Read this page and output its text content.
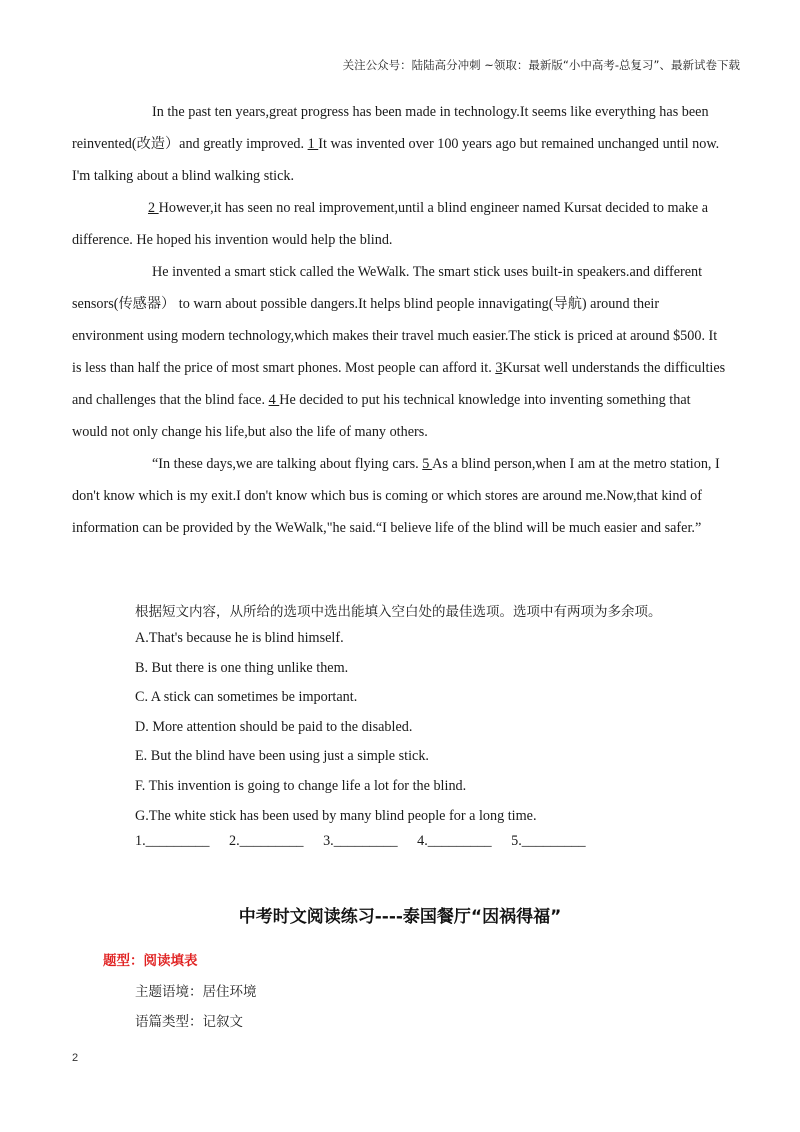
关注公众号：陆陆高分冲刺 ~领取：最新版“小中高考-总复习”、最新试卷下载

In the past ten years,great progress has been made in technology.It seems like everything has been reinvented(改造）and greatly improved. 1 It was invented over 100 years ago but remained unchanged until now. I'm talking about a blind walking stick.

2 However,it has seen no real improvement,until a blind engineer named Kursat decided to make a difference. He hoped his invention would help the blind.

He invented a smart stick called the WeWalk. The smart stick uses built-in speakers.and different sensors(传感器） to warn about possible dangers.It helps blind people innavigating(导航) around their environment using modern technology,which makes their travel much easier.The stick is priced at around $500. It is less than half the price of most smart phones. Most people can afford it. 3Kursat well understands the difficulties and challenges that the blind face. 4 He decided to put his technical knowledge into inventing something that would not only change his life,but also the life of many others.

“In these days,we are talking about flying cars. 5 As a blind person,when I am at the metro station, I don't know which is my exit.I don't know which bus is coming or which stores are around me.Now,that kind of information can be provided by the WeWalk,"he said.“I believe life of the blind will be much easier and safer.”

根据短文内容，从所给的选项中选出能填入空白处的最佳选项。选项中有两项为多余项。
A.That's because he is blind himself.
B. But there is one thing unlike them.
C. A stick can sometimes be important.
D. More attention should be paid to the disabled.
E. But the blind have been using just a simple stick.
F. This invention is going to change life a lot for the blind.
G.The white stick has been used by many blind people for a long time.
1._________ 2._________ 3._________ 4._________ 5._________
中考时文阅读练习----泰国餐厅“因祸得福”
题型：阅读填表
主题语境：居住环境
语篇类型：记叙文
2
